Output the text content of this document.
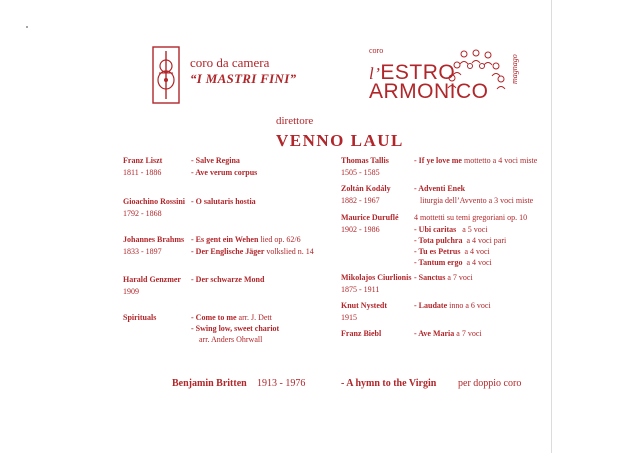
coro da camera
“I MASTRI FINI”
coro
l’ESTRO
ARMONICO
magnago
direttore
VENNO LAUL
Franz Liszt
1811 - 1886
- Salve Regina
- Ave verum corpus
Gioachino Rossini
1792 - 1868
- O salutaris hostia
Johannes Brahms
1833 - 1897
- Es gent ein Wehen lied op. 62/6
- Der Englische Jäger volkslied n. 14
Harald Genzmer
1909
- Der schwarze Mond
Spirituals	- Come to me arr. J. Dett
- Swing low, sweet chariot
arr. Anders Ohrwall
Thomas Tallis
1505 - 1585
- If ye love me mottetto a 4 voci miste
Zoltán Kodály
1882 - 1967
- Adventi Enek
liturgia dell’Avvento a 3 voci miste
Maurice Duruflé
1902 - 1986
4 mottetti su temi gregoriani op. 10
- Ubi caritas   a 5 voci
- Tota pulchra  a 4 voci pari
- Tu es Petrus  a 4 voci
- Tantum ergo  a 4 voci
Mikolajos Ciurlionis
1875 - 1911
- Sanctus a 7 voci
Knut Nystedt
1915
- Laudate inno a 6 voci
Franz Biebl	- Ave Maria a 7 voci
Benjamin Britten 1913 - 1976	- A hymn to the Virgin per doppio coro
